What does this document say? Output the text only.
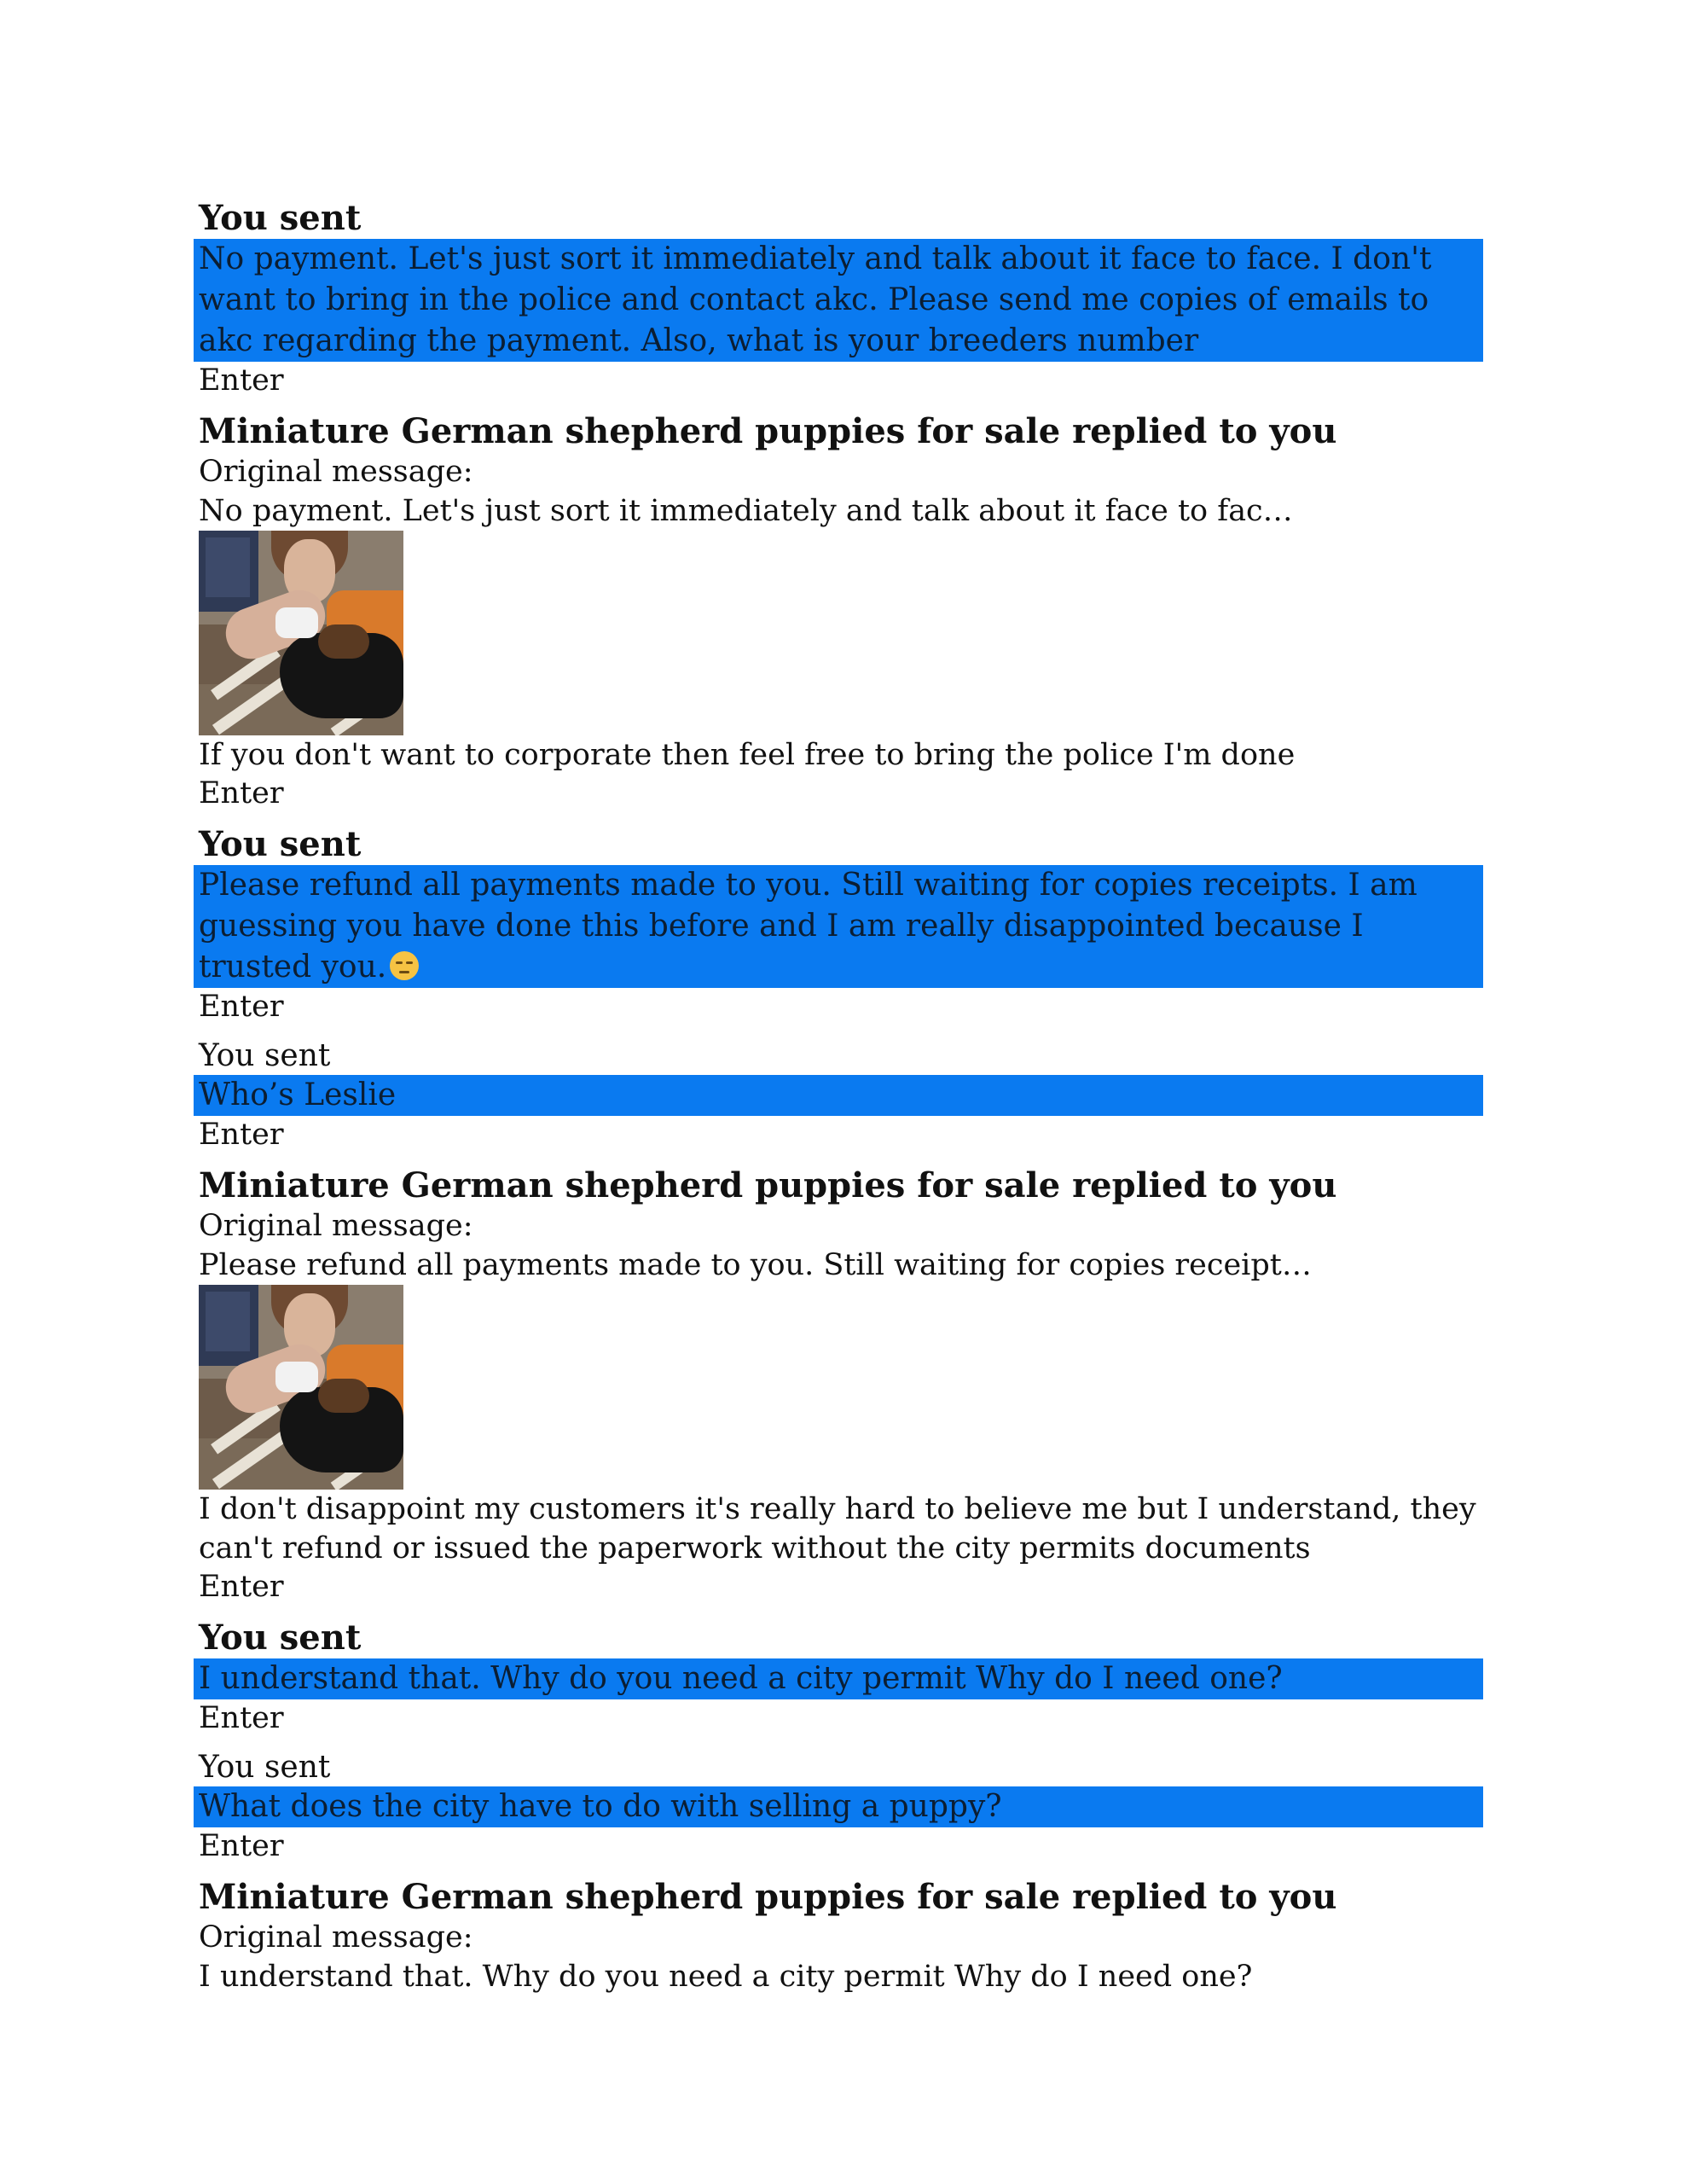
You sent

No payment. Let's just sort it immediately and talk about it face to face. I don't want to bring in the police and contact akc. Please send me copies of emails to akc regarding the payment. Also, what is your breeders number

Enter

Miniature German shepherd puppies for sale replied to you

Original message:

No payment. Let's just sort it immediately and talk about it face to fac…

If you don't want to corporate then feel free to bring the police I'm done

Enter

You sent

Please refund all payments made to you. Still waiting for copies receipts. I am guessing you have done this before and I am really disappointed because I trusted you.

Enter

You sent

Who’s Leslie

Enter

Miniature German shepherd puppies for sale replied to you

Original message:

Please refund all payments made to you. Still waiting for copies receipt…

I don't disappoint my customers it's really hard to believe me but I understand, they can't refund or issued the paperwork without the city permits documents

Enter

You sent

I understand that. Why do you need a city permit Why do I need one?

Enter

You sent

What does the city have to do with selling a puppy?

Enter

Miniature German shepherd puppies for sale replied to you

Original message:

I understand that. Why do you need a city permit Why do I need one?
